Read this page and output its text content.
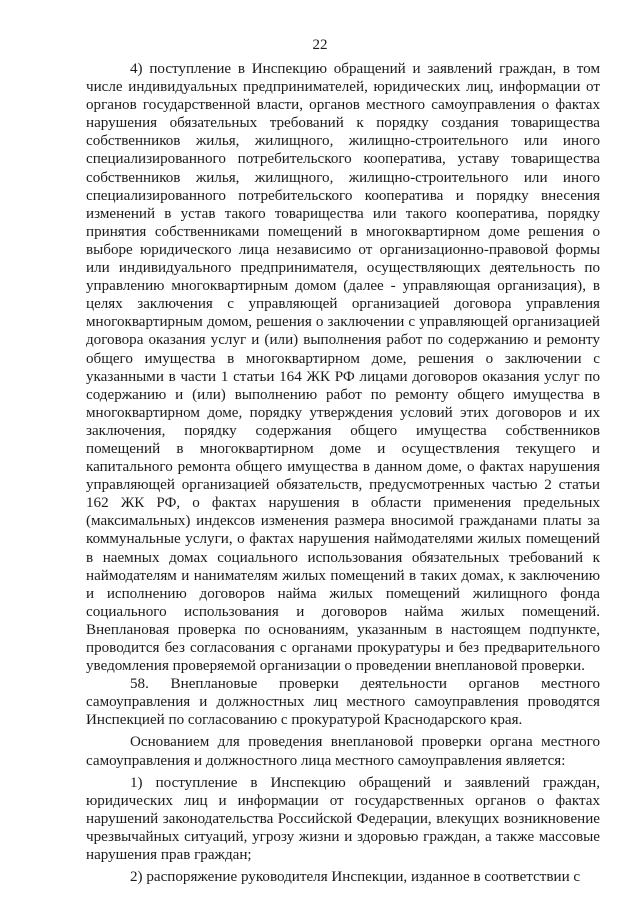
22

4) поступление в Инспекцию обращений и заявлений граждан, в том числе индивидуальных предпринимателей, юридических лиц, информации от органов государственной власти, органов местного самоуправления о фактах нарушения обязательных требований к порядку создания товарищества собственников жилья, жилищного, жилищно-строительного или иного специализированного потребительского кооператива, уставу товарищества собственников жилья, жилищного, жилищно-строительного или иного специализированного потребительского кооператива и порядку внесения изменений в устав такого товарищества или такого кооператива, порядку принятия собственниками помещений в многоквартирном доме решения о выборе юридического лица независимо от организационно-правовой формы или индивидуального предпринимателя, осуществляющих деятельность по управлению многоквартирным домом (далее - управляющая организация), в целях заключения с управляющей организацией договора управления многоквартирным домом, решения о заключении с управляющей организацией договора оказания услуг и (или) выполнения работ по содержанию и ремонту общего имущества в многоквартирном доме, решения о заключении с указанными в части 1 статьи 164 ЖК РФ лицами договоров оказания услуг по содержанию и (или) выполнению работ по ремонту общего имущества в многоквартирном доме, порядку утверждения условий этих договоров и их заключения, порядку содержания общего имущества собственников помещений в многоквартирном доме и осуществления текущего и капитального ремонта общего имущества в данном доме, о фактах нарушения управляющей организацией обязательств, предусмотренных частью 2 статьи 162 ЖК РФ, о фактах нарушения в области применения предельных (максимальных) индексов изменения размера вносимой гражданами платы за коммунальные услуги, о фактах нарушения наймодателями жилых помещений в наемных домах социального использования обязательных требований к наймодателям и нанимателям жилых помещений в таких домах, к заключению и исполнению договоров найма жилых помещений жилищного фонда социального использования и договоров найма жилых помещений. Внеплановая проверка по основаниям, указанным в настоящем подпункте, проводится без согласования с органами прокуратуры и без предварительного уведомления проверяемой организации о проведении внеплановой проверки.

58. Внеплановые проверки деятельности органов местного самоуправления и должностных лиц местного самоуправления проводятся Инспекцией по согласованию с прокуратурой Краснодарского края.

Основанием для проведения внеплановой проверки органа местного самоуправления и должностного лица местного самоуправления является:

1) поступление в Инспекцию обращений и заявлений граждан, юридических лиц и информации от государственных органов о фактах нарушений законодательства Российской Федерации, влекущих возникновение чрезвычайных ситуаций, угрозу жизни и здоровью граждан, а также массовые нарушения прав граждан;

2) распоряжение руководителя Инспекции, изданное в соответствии с
